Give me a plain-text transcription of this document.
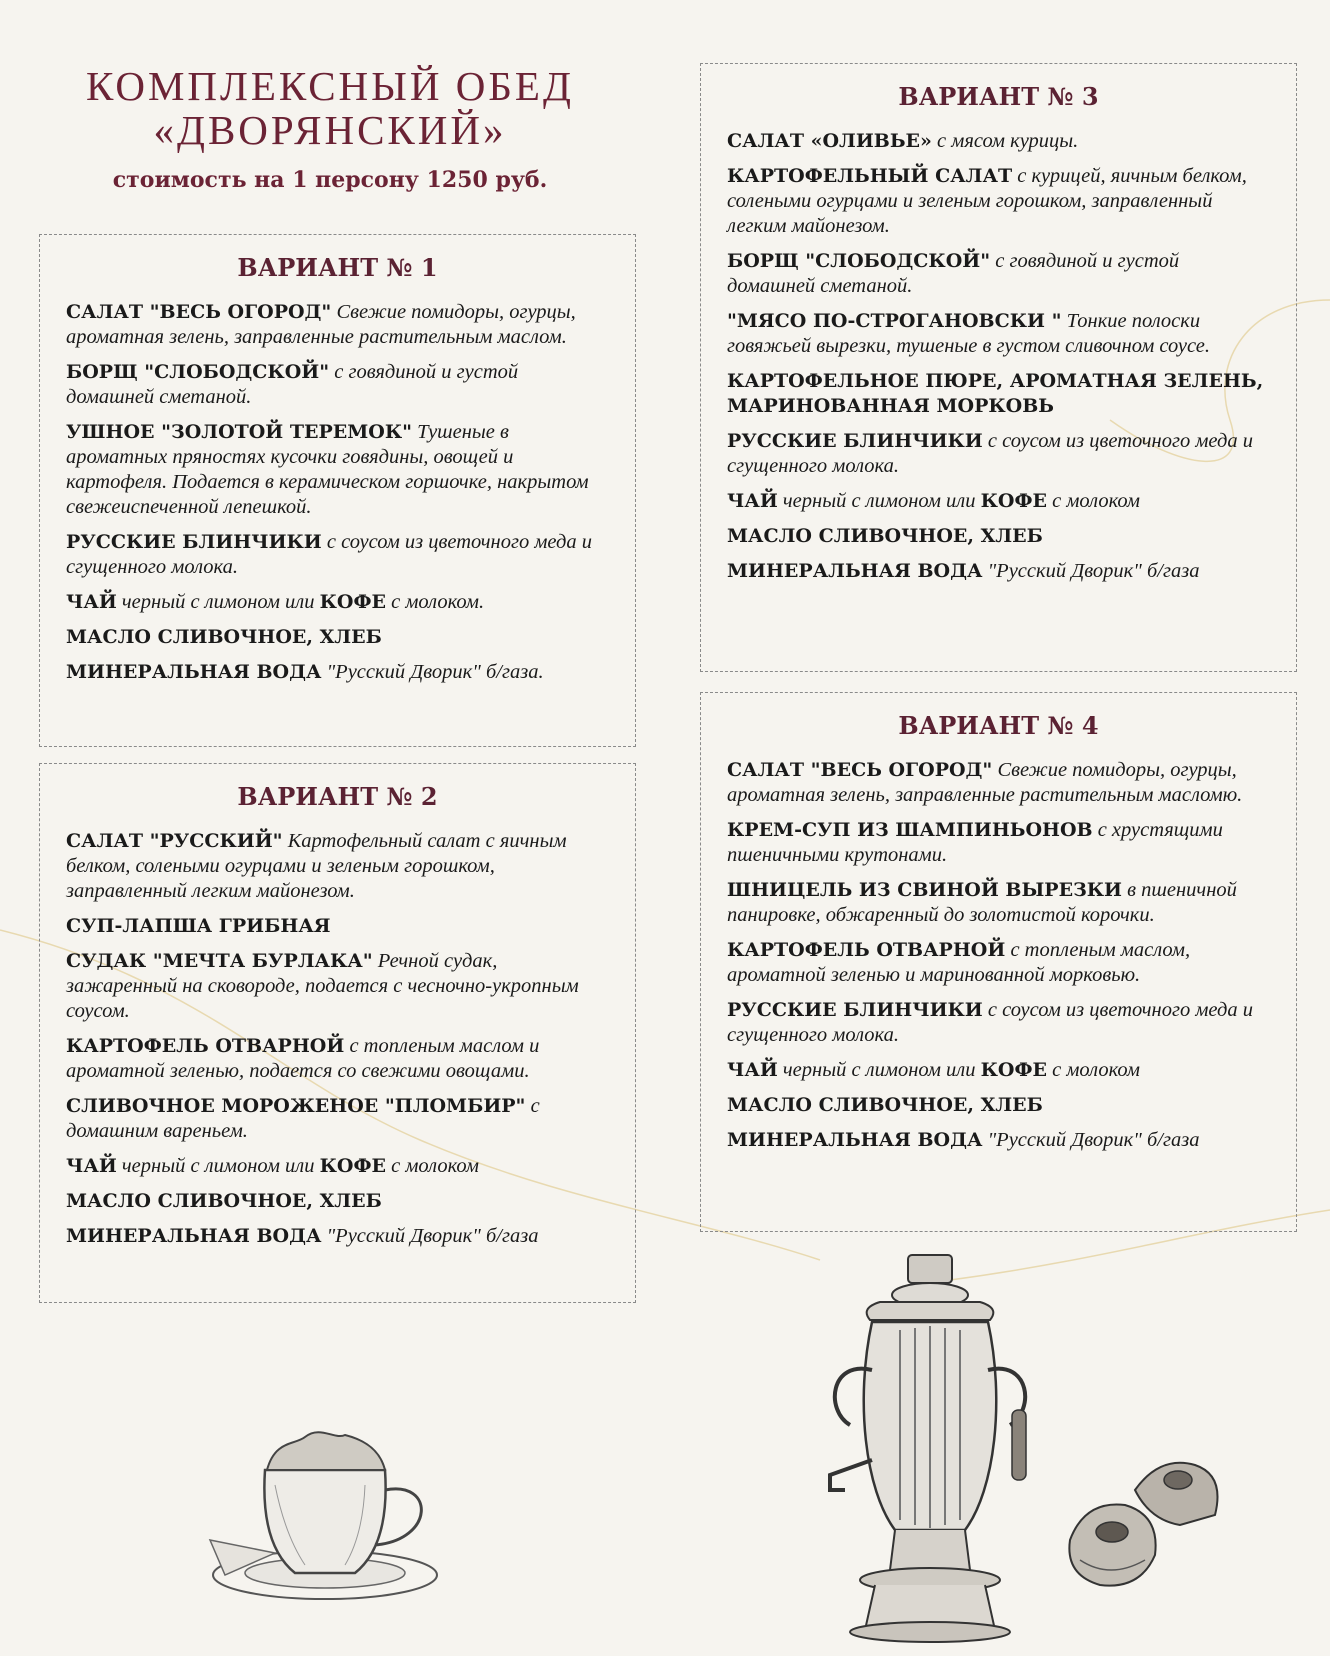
КОМПЛЕКСНЫЙ ОБЕД
«ДВОРЯНСКИЙ»
стоимость на 1 персону 1250 руб.
ВАРИАНТ № 1
САЛАТ "ВЕСЬ ОГОРОД" Свежие помидоры, огурцы, ароматная зелень, заправленные растительным маслом.
БОРЩ "СЛОБОДСКОЙ" с говядиной и густой домашней сметаной.
УШНОЕ "ЗОЛОТОЙ ТЕРЕМОК" Тушеные в ароматных пряностях кусочки говядины, овощей и картофеля. Подается в керамическом горшочке, накрытом свежеиспеченной лепешкой.
РУССКИЕ БЛИНЧИКИ с соусом из цветочного меда и сгущенного молока.
ЧАЙ черный с лимоном или КОФЕ с молоком.
МАСЛО СЛИВОЧНОЕ, ХЛЕБ
МИНЕРАЛЬНАЯ ВОДА "Русский Дворик" б/газа.
ВАРИАНТ № 2
САЛАТ "РУССКИЙ" Картофельный салат с яичным белком, солеными огурцами и зеленым горошком, заправленный легким майонезом.
СУП-ЛАПША ГРИБНАЯ
СУДАК "МЕЧТА БУРЛАКА" Речной судак, зажаренный на сковороде, подается с чесночно-укропным соусом.
КАРТОФЕЛЬ ОТВАРНОЙ с топленым маслом и ароматной зеленью, подается со свежими овощами.
СЛИВОЧНОЕ МОРОЖЕНОЕ "ПЛОМБИР" с домашним вареньем.
ЧАЙ черный с лимоном или КОФЕ с молоком
МАСЛО СЛИВОЧНОЕ, ХЛЕБ
МИНЕРАЛЬНАЯ ВОДА "Русский Дворик" б/газа
ВАРИАНТ № 3
САЛАТ «ОЛИВЬЕ» с мясом курицы.
КАРТОФЕЛЬНЫЙ САЛАТ с курицей, яичным белком, солеными огурцами и зеленым горошком, заправленный легким майонезом.
БОРЩ "СЛОБОДСКОЙ" с говядиной и густой домашней сметаной.
"МЯСО ПО-СТРОГАНОВСКИ " Тонкие полоски говяжьей вырезки, тушеные в густом сливочном соусе.
КАРТОФЕЛЬНОЕ ПЮРЕ, АРОМАТНАЯ ЗЕЛЕНЬ, МАРИНОВАННАЯ МОРКОВЬ
РУССКИЕ БЛИНЧИКИ с соусом из цветочного меда и сгущенного молока.
ЧАЙ черный с лимоном или КОФЕ с молоком
МАСЛО СЛИВОЧНОЕ, ХЛЕБ
МИНЕРАЛЬНАЯ ВОДА "Русский Дворик" б/газа
ВАРИАНТ № 4
САЛАТ "ВЕСЬ ОГОРОД" Свежие помидоры, огурцы, ароматная зелень, заправленные растительным масломю.
КРЕМ-СУП ИЗ ШАМПИНЬОНОВ с хрустящими пшеничными крутонами.
ШНИЦЕЛЬ ИЗ СВИНОЙ ВЫРЕЗКИ в пшеничной панировке, обжаренный до золотистой корочки.
КАРТОФЕЛЬ ОТВАРНОЙ с топленым маслом, ароматной зеленью и маринованной морковью.
РУССКИЕ БЛИНЧИКИ с соусом из цветочного меда и сгущенного молока.
ЧАЙ черный с лимоном или КОФЕ с молоком
МАСЛО СЛИВОЧНОЕ, ХЛЕБ
МИНЕРАЛЬНАЯ ВОДА "Русский Дворик" б/газа
